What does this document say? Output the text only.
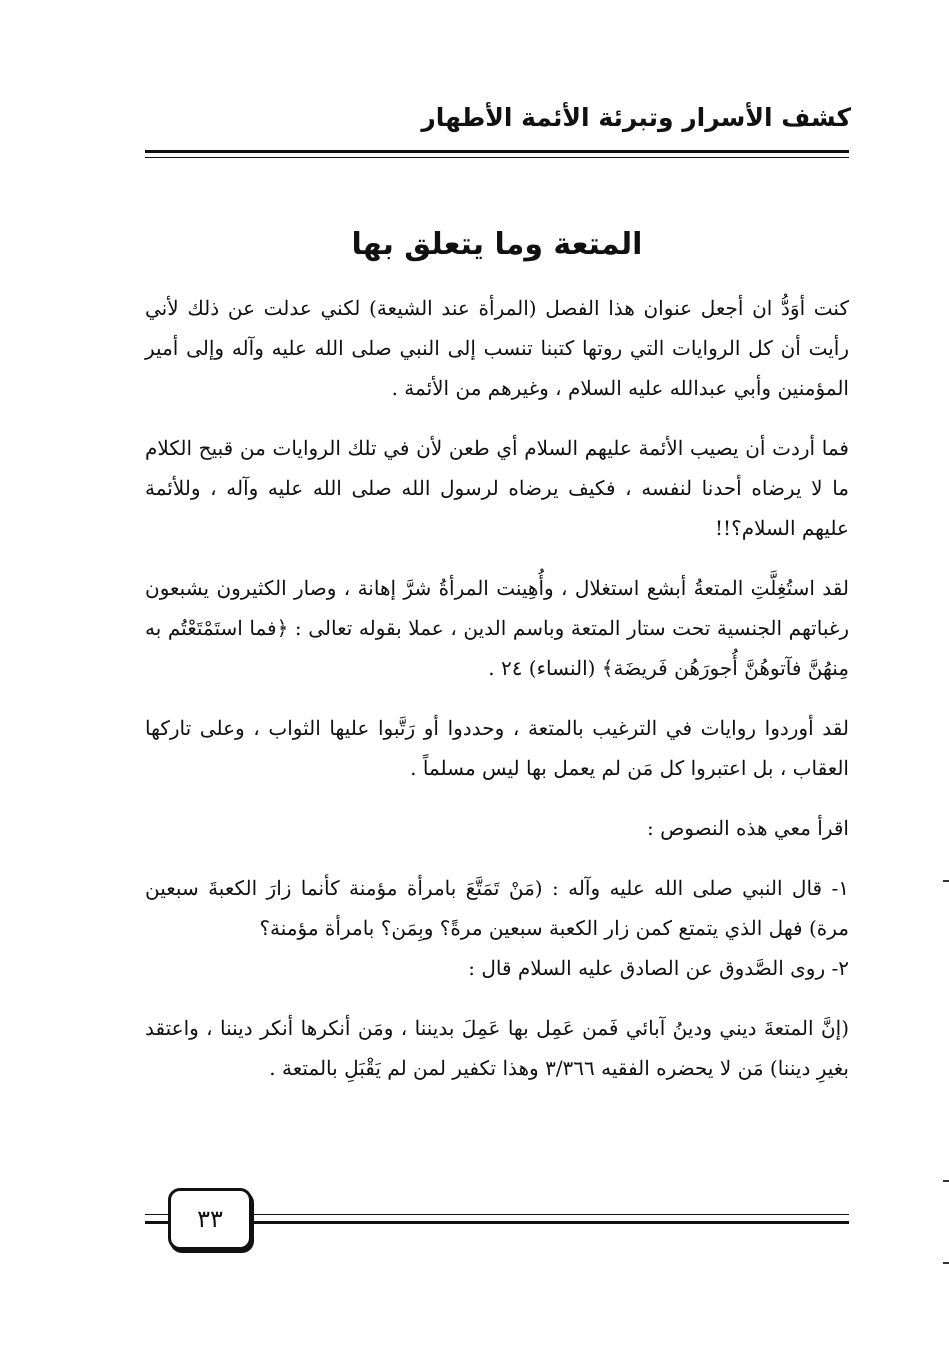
كشف الأسرار وتبرئة الأئمة الأطهار
المتعة وما يتعلق بها

كنت أوَدُّ ان أجعل عنوان هذا الفصل (المرأة عند الشيعة) لكني عدلت عن ذلك لأني رأيت أن كل الروايات التي روتها كتبنا تنسب إلى النبي صلى الله عليه وآله وإلى أمير المؤمنين وأبي عبدالله عليه السلام ، وغيرهم من الأئمة .

فما أردت أن يصيب الأئمة عليهم السلام أي طعن لأن في تلك الروايات من قبيح الكلام ما لا يرضاه أحدنا لنفسه ، فكيف يرضاه لرسول الله صلى الله عليه وآله ، وللأئمة عليهم السلام؟!!

لقد استُغِلَّتِ المتعةُ أبشع استغلال ، وأُهِينت المرأةُ شرَّ إهانة ، وصار الكثيرون يشبعون رغباتهم الجنسية تحت ستار المتعة وباسم الدين ، عملا بقوله تعالى : ﴿فما استَمْتَعْتُم به مِنهُنَّ فآتوهُنَّ أُجورَهُن فَريضَة﴾ (النساء) ٢٤ .

لقد أوردوا روايات في الترغيب بالمتعة ، وحددوا أو رَتَّبوا عليها الثواب ، وعلى تاركها العقاب ، بل اعتبروا كل مَن لم يعمل بها ليس مسلماً .

اقرأ معي هذه النصوص :

١- قال النبي صلى الله عليه وآله : (مَنْ تَمَتَّعَ بامرأة مؤمنة كأنما زارَ الكعبةَ سبعين مرة) فهل الذي يتمتع كمن زار الكعبة سبعين مرةً؟ وبِمَن؟ بامرأة مؤمنة؟

٢- روى الصَّدوق عن الصادق عليه السلام قال :

(إنَّ المتعةَ ديني ودينُ آبائي فَمن عَمِل بها عَمِلَ بديننا ، ومَن أنكرها أنكر ديننا ، واعتقد بغيرِ ديننا) مَن لا يحضره الفقيه ٣/٣٦٦ وهذا تكفير لمن لم يَقْبَلِ بالمتعة .

٣٣
